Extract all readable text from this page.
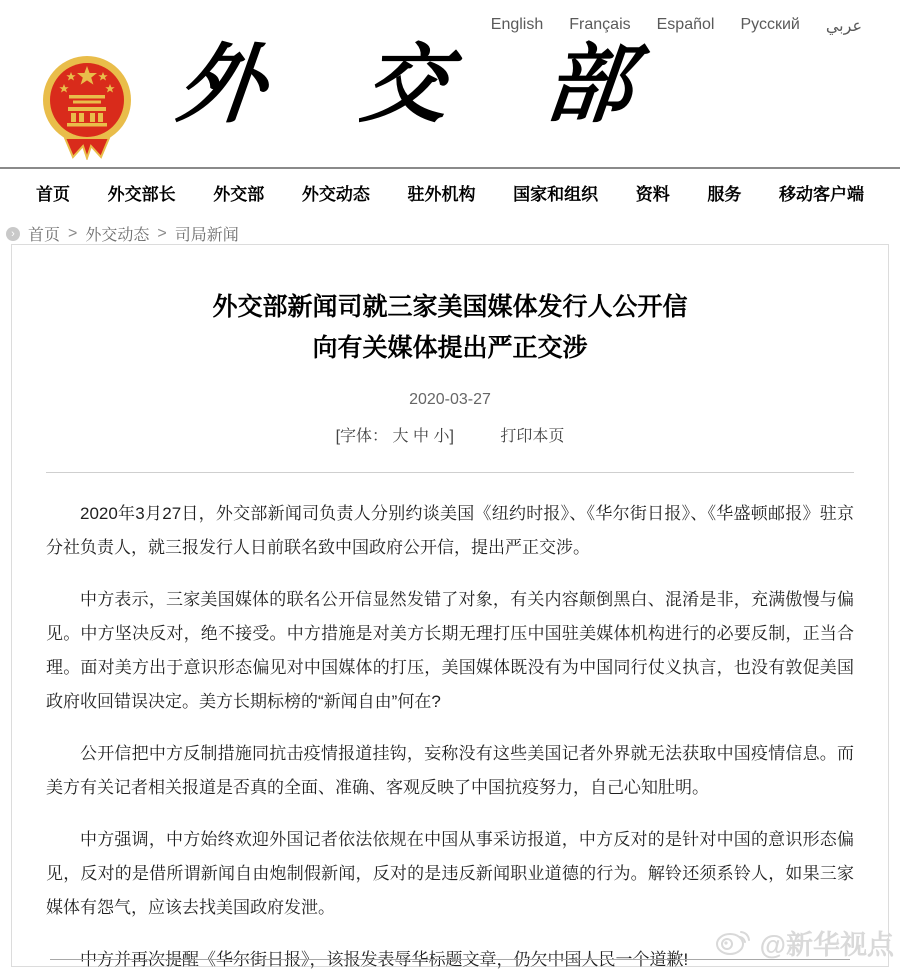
English Français Español Русский عربي
外 交 部
首页 外交部长 外交部 外交动态 驻外机构 国家和组织 资料 服务 移动客户端
› 首页 > 外交动态 > 司局新闻
外交部新闻司就三家美国媒体发行人公开信
向有关媒体提出严正交涉
2020-03-27
[字体： 大 中 小]	打印本页

2020年3月27日，外交部新闻司负责人分别约谈美国《纽约时报》、《华尔街日报》、《华盛顿邮报》驻京分社负责人，就三报发行人日前联名致中国政府公开信，提出严正交涉。

中方表示，三家美国媒体的联名公开信显然发错了对象，有关内容颠倒黑白、混淆是非，充满傲慢与偏见。中方坚决反对，绝不接受。中方措施是对美方长期无理打压中国驻美媒体机构进行的必要反制，正当合理。面对美方出于意识形态偏见对中国媒体的打压，美国媒体既没有为中国同行仗义执言，也没有敦促美国政府收回错误决定。美方长期标榜的“新闻自由”何在?

公开信把中方反制措施同抗击疫情报道挂钩，妄称没有这些美国记者外界就无法获取中国疫情信息。而美方有关记者相关报道是否真的全面、准确、客观反映了中国抗疫努力，自己心知肚明。

中方强调，中方始终欢迎外国记者依法依规在中国从事采访报道，中方反对的是针对中国的意识形态偏见，反对的是借所谓新闻自由炮制假新闻，反对的是违反新闻职业道德的行为。解铃还须系铃人，如果三家媒体有怨气，应该去找美国政府发泄。

中方并再次提醒《华尔街日报》，该报发表辱华标题文章，仍欠中国人民一个道歉!	@新华视点
